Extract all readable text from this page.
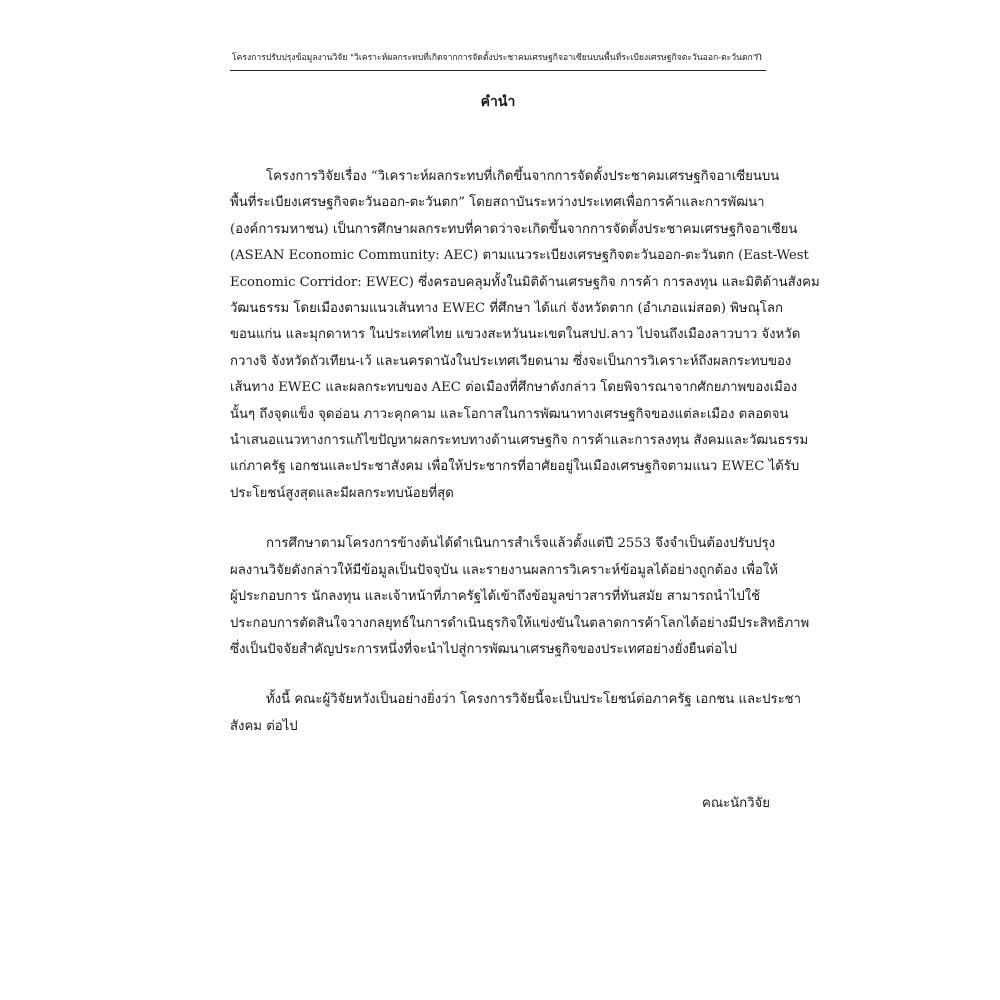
โครงการปรับปรุงข้อมูลงานวิจัย "วิเคราะห์ผลกระทบที่เกิดจากการจัดตั้งประชาคมเศรษฐกิจอาเซียนบนพื้นที่ระเบียงเศรษฐกิจตะวันออก-ตะวันตก"
ก
คำนำ

โครงการวิจัยเรื่อง “วิเคราะห์ผลกระทบที่เกิดขึ้นจากการจัดตั้งประชาคมเศรษฐกิจอาเซียนบน
พื้นที่ระเบียงเศรษฐกิจตะวันออก-ตะวันตก” โดยสถาบันระหว่างประเทศเพื่อการค้าและการพัฒนา
(องค์การมหาชน) เป็นการศึกษาผลกระทบที่คาดว่าจะเกิดขึ้นจากการจัดตั้งประชาคมเศรษฐกิจอาเซียน
(ASEAN Economic Community: AEC) ตามแนวระเบียงเศรษฐกิจตะวันออก-ตะวันตก (East-West
Economic Corridor: EWEC) ซึ่งครอบคลุมทั้งในมิติด้านเศรษฐกิจ การค้า การลงทุน และมิติด้านสังคม
วัฒนธรรม โดยเมืองตามแนวเส้นทาง EWEC ที่ศึกษา ได้แก่ จังหวัดตาก (อำเภอแม่สอด) พิษณุโลก
ขอนแก่น และมุกดาหาร ในประเทศไทย แขวงสะหวันนะเขตในสปป.ลาว ไปจนถึงเมืองลาวบาว จังหวัด
กวางจิ จังหวัดถัวเทียน-เว้ และนครดานังในประเทศเวียดนาม ซึ่งจะเป็นการวิเคราะห์ถึงผลกระทบของ
เส้นทาง EWEC และผลกระทบของ AEC ต่อเมืองที่ศึกษาดังกล่าว โดยพิจารณาจากศักยภาพของเมือง
นั้นๆ ถึงจุดแข็ง จุดอ่อน ภาวะคุกคาม และโอกาสในการพัฒนาทางเศรษฐกิจของแต่ละเมือง ตลอดจน
นำเสนอแนวทางการแก้ไขปัญหาผลกระทบทางด้านเศรษฐกิจ การค้าและการลงทุน สังคมและวัฒนธรรม
แก่ภาครัฐ เอกชนและประชาสังคม เพื่อให้ประชากรที่อาศัยอยู่ในเมืองเศรษฐกิจตามแนว EWEC ได้รับ
ประโยชน์สูงสุดและมีผลกระทบน้อยที่สุด

การศึกษาตามโครงการข้างต้นได้ดำเนินการสำเร็จแล้วตั้งแต่ปี 2553 จึงจำเป็นต้องปรับปรุง
ผลงานวิจัยดังกล่าวให้มีข้อมูลเป็นปัจจุบัน และรายงานผลการวิเคราะห์ข้อมูลได้อย่างถูกต้อง เพื่อให้
ผู้ประกอบการ นักลงทุน และเจ้าหน้าที่ภาครัฐได้เข้าถึงข้อมูลข่าวสารที่ทันสมัย สามารถนำไปใช้
ประกอบการตัดสินใจวางกลยุทธ์ในการดำเนินธุรกิจให้แข่งขันในตลาดการค้าโลกได้อย่างมีประสิทธิภาพ
ซึ่งเป็นปัจจัยสำคัญประการหนึ่งที่จะนำไปสู่การพัฒนาเศรษฐกิจของประเทศอย่างยั่งยืนต่อไป

ทั้งนี้ คณะผู้วิจัยหวังเป็นอย่างยิ่งว่า โครงการวิจัยนี้จะเป็นประโยชน์ต่อภาครัฐ เอกชน และประชา
สังคม ต่อไป

คณะนักวิจัย
